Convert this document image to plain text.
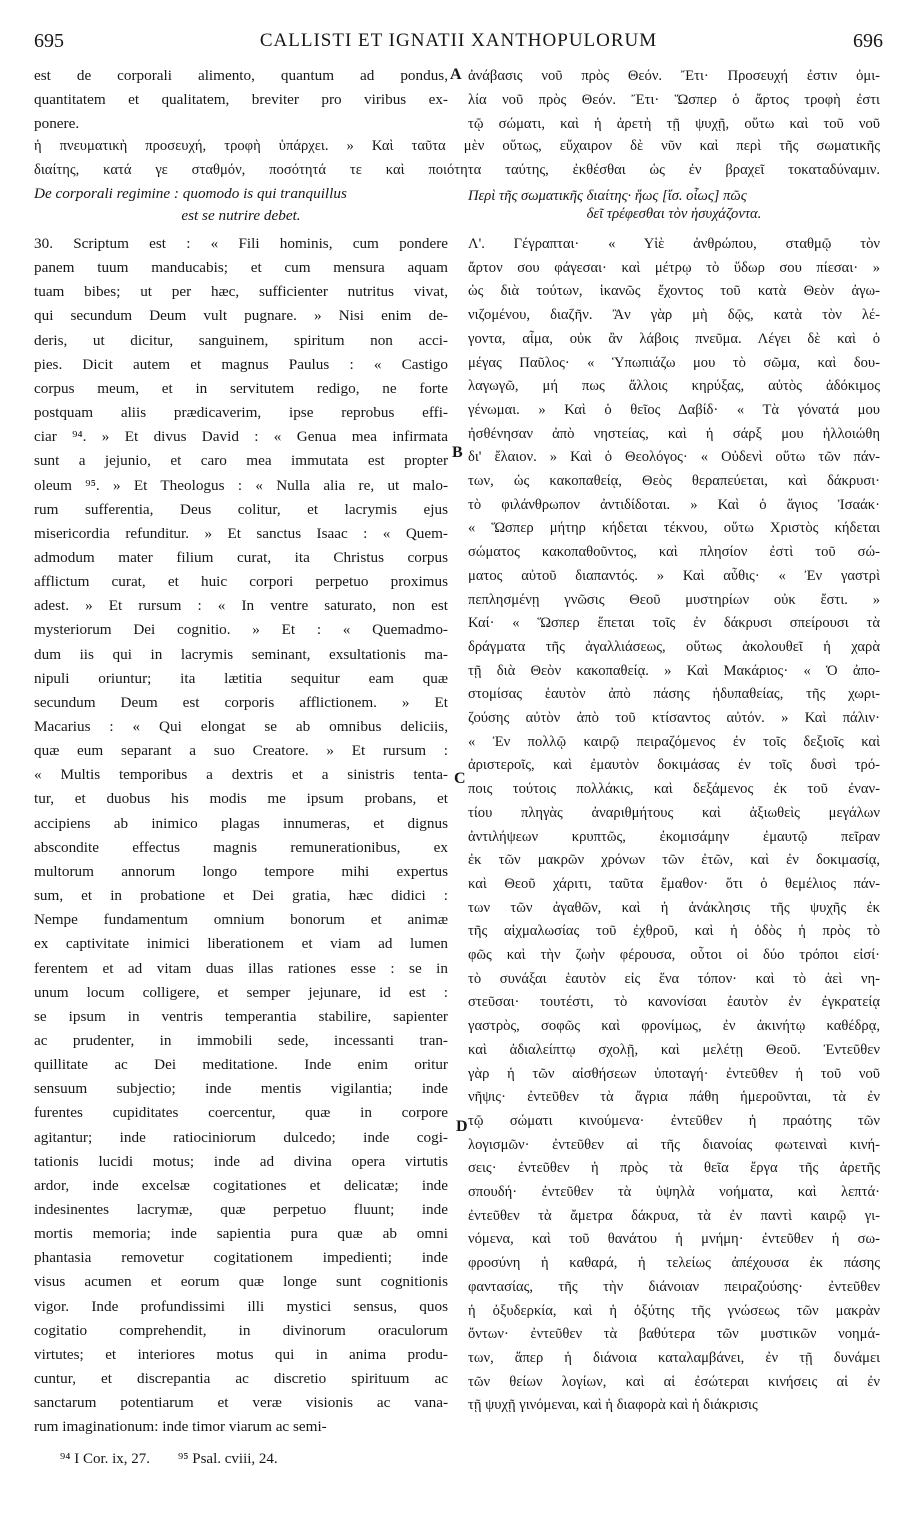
695	CALLISTI ET IGNATII XANTHOPULORUM	696
est de corporali alimento, quantum ad pondus,
quantitatem et qualitatem, breviter pro viribus ex-
ponere.
ἀνάβασις νοῦ πρὸς Θεόν. Ἔτι· Προσευχή ἐστιν ὁμι-
λία νοῦ πρὸς Θεόν. Ἔτι· Ὥσπερ ὁ ἄρτος τροφὴ ἐστι
τῷ σώματι, καὶ ἡ ἀρετὴ τῇ ψυχῇ, οὕτω καὶ τοῦ νοῦ
A
ἡ πνευματικὴ προσευχή, τροφὴ ὑπάρχει. » Καὶ ταῦτα μὲν οὕτως, εὔχαιρον δὲ νῦν καὶ περὶ τῆς σωματικῆς
διαίτης, κατά γε σταθμόν, ποσότητά τε καὶ ποιότητα ταύτης, ἐκθέσθαι ὡς ἐν βραχεῖ τοκαταδύναμιν.
De corporali regimine : quomodo is qui tranquillus
est se nutrire debet.
Περὶ τῆς σωματικῆς διαίτης· ἥως [ἴσ. οἷως] πῶς
δεῖ τρέφεσθαι τὸν ἡσυχάζοντα.
30. Scriptum est : « Fili hominis, cum pondere
panem tuum manducabis; et cum mensura aquam
tuam bibes; ut per hæc, sufficienter nutritus vivat,
qui secundum Deum vult pugnare. » Nisi enim de-
deris, ut dicitur, sanguinem, spiritum non acci-
pies. Dicit autem et magnus Paulus : « Castigo
corpus meum, et in servitutem redigo, ne forte
postquam aliis prædicaverim, ipse reprobus effi-
ciar ⁹⁴. » Et divus David : « Genua mea infirmata
sunt a jejunio, et caro mea immutata est propter
oleum ⁹⁵. » Et Theologus : « Nulla alia re, ut malo-
rum sufferentia, Deus colitur, et lacrymis ejus
misericordia refunditur. » Et sanctus Isaac : « Quem-
admodum mater filium curat, ita Christus corpus
afflictum curat, et huic corpori perpetuo proximus
adest. » Et rursum : « In ventre saturato, non est
mysteriorum Dei cognitio. » Et : « Quemadmo-
dum iis qui in lacrymis seminant, exsultationis ma-
nipuli oriuntur; ita lætitia sequitur eam quæ
secundum Deum est corporis afflictionem. » Et
Macarius : « Qui elongat se ab omnibus deliciis,
quæ eum separant a suo Creatore. » Et rursum :
« Multis temporibus a dextris et a sinistris tenta-
tur, et duobus his modis me ipsum probans, et
accipiens ab inimico plagas innumeras, et dignus
abscondite effectus magnis remunerationibus, ex
multorum annorum longo tempore mihi expertus
sum, et in probatione et Dei gratia, hæc didici :
Nempe fundamentum omnium bonorum et animæ
ex captivitate inimici liberationem et viam ad lumen
ferentem et ad vitam duas illas rationes esse : se in
unum locum colligere, et semper jejunare, id est :
se ipsum in ventris temperantia stabilire, sapienter
ac prudenter, in immobili sede, incessanti tran-
quillitate ac Dei meditatione. Inde enim oritur
sensuum subjectio; inde mentis vigilantia; inde
furentes cupiditates coercentur, quæ in corpore
agitantur; inde ratiociniorum dulcedo; inde cogi-
tationis lucidi motus; inde ad divina opera virtutis
ardor, inde excelsæ cogitationes et delicatæ; inde
indesinentes lacrymæ, quæ perpetuo fluunt; inde
mortis memoria; inde sapientia pura quæ ab omni
phantasia removetur cogitationem impedienti; inde
visus acumen et eorum quæ longe sunt cognitionis
vigor. Inde profundissimi illi mystici sensus, quos
cogitatio comprehendit, in divinorum oraculorum
virtutes; et interiores motus qui in anima produ-
cuntur, et discrepantia ac discretio spirituum ac
sanctarum potentiarum et veræ visionis ac vana-
rum imaginationum: inde timor viarum ac semi-
Λ'. Γέγραπται· « Υἱὲ ἀνθρώπου, σταθμῷ τὸν
ἄρτον σου φάγεσαι· καὶ μέτρῳ τὸ ὕδωρ σου πίεσαι· »
ὡς διὰ τούτων, ἱκανῶς ἔχοντος τοῦ κατὰ Θεὸν ἀγω-
νιζομένου, διαζῆν. Ἂν γὰρ μὴ δῷς, κατὰ τὸν λέ-
γοντα, αἷμα, οὐκ ἂν λάβοις πνεῦμα. Λέγει δὲ καὶ ὁ
μέγας Παῦλος· « Ὑπωπιάζω μου τὸ σῶμα, καὶ δου-
λαγωγῶ, μή πως ἄλλοις κηρύξας, αὐτὸς ἀδόκιμος
γένωμαι. » Καὶ ὁ θεῖος Δαβίδ· « Τὰ γόνατά μου
ἠσθένησαν ἀπὸ νηστείας, καὶ ἡ σάρξ μου ἠλλοιώθη
δι' ἔλαιον. » Καὶ ὁ Θεολόγος· « Οὐδενὶ οὕτω τῶν πάν-
των, ὡς κακοπαθείᾳ, Θεὸς θεραπεύεται, καὶ δάκρυσι·
τὸ φιλάνθρωπον ἀντιδίδοται. » Καὶ ὁ ἅγιος Ἰσαάκ·
« Ὥσπερ μήτηρ κήδεται τέκνου, οὕτω Χριστὸς κήδεται
σώματος κακοπαθοῦντος, καὶ πλησίον ἐστὶ τοῦ σώ-
ματος αὐτοῦ διαπαντός. » Καὶ αὖθις· « Ἐν γαστρὶ
πεπλησμένῃ γνῶσις Θεοῦ μυστηρίων οὐκ ἔστι. »
Καί· « Ὥσπερ ἕπεται τοῖς ἐν δάκρυσι σπείρουσι τὰ
δράγματα τῆς ἀγαλλιάσεως, οὕτως ἀκολουθεῖ ἡ χαρὰ
τῇ διὰ Θεὸν κακοπαθείᾳ. » Καὶ Μακάριος· « Ὁ ἀπο-
στομίσας ἑαυτὸν ἀπὸ πάσης ἡδυπαθείας, τῆς χωρι-
ζούσης αὐτὸν ἀπὸ τοῦ κτίσαντος αὐτόν. » Καὶ πάλιν·
« Ἐν πολλῷ καιρῷ πειραζόμενος ἐν τοῖς δεξιοῖς καὶ
ἀριστεροῖς, καὶ ἐμαυτὸν δοκιμάσας ἐν τοῖς δυσὶ τρό-
ποις τούτοις πολλάκις, καὶ δεξάμενος ἐκ τοῦ ἐναν-
τίου πληγὰς ἀναριθμήτους καὶ ἀξιωθεὶς μεγάλων
ἀντιλήψεων κρυπτῶς, ἐκομισάμην ἐμαυτῷ πεῖραν
ἐκ τῶν μακρῶν χρόνων τῶν ἐτῶν, καὶ ἐν δοκιμασίᾳ,
καὶ Θεοῦ χάριτι, ταῦτα ἔμαθον· ὅτι ὁ θεμέλιος πάν-
των τῶν ἀγαθῶν, καὶ ἡ ἀνάκλησις τῆς ψυχῆς ἐκ
τῆς αἰχμαλωσίας τοῦ ἐχθροῦ, καὶ ἡ ὁδὸς ἡ πρὸς τὸ
φῶς καὶ τὴν ζωὴν φέρουσα, οὗτοι οἱ δύο τρόποι εἰσί·
τὸ συνάξαι ἑαυτὸν εἰς ἕνα τόπον· καὶ τὸ ἀεὶ νη-
στεῦσαι· τουτέστι, τὸ κανονίσαι ἑαυτὸν ἐν ἐγκρατείᾳ
γαστρὸς, σοφῶς καὶ φρονίμως, ἐν ἀκινήτῳ καθέδρᾳ,
καὶ ἀδιαλείπτῳ σχολῇ, καὶ μελέτῃ Θεοῦ. Ἐντεῦθεν
γὰρ ἡ τῶν αἰσθήσεων ὑποταγή· ἐντεῦθεν ἡ τοῦ νοῦ
νῆψις· ἐντεῦθεν τὰ ἄγρια πάθη ἡμεροῦνται, τὰ ἐν
τῷ σώματι κινούμενα· ἐντεῦθεν ἡ πραότης τῶν
λογισμῶν· ἐντεῦθεν αἱ τῆς διανοίας φωτειναὶ κινή-
σεις· ἐντεῦθεν ἡ πρὸς τὰ θεῖα ἔργα τῆς ἀρετῆς
σπουδή· ἐντεῦθεν τὰ ὑψηλὰ νοήματα, καὶ λεπτά·
ἐντεῦθεν τὰ ἄμετρα δάκρυα, τὰ ἐν παντὶ καιρῷ γι-
νόμενα, καὶ τοῦ θανάτου ἡ μνήμη· ἐντεῦθεν ἡ σω-
φροσύνη ἡ καθαρά, ἡ τελείως ἀπέχουσα ἐκ πάσης
φαντασίας, τῆς τὴν διάνοιαν πειραζούσης· ἐντεῦθεν
ἡ ὀξυδερκία, καὶ ἡ ὀξύτης τῆς γνώσεως τῶν μακρὰν
ὄντων· ἐντεῦθεν τὰ βαθύτερα τῶν μυστικῶν νοημά-
των, ἅπερ ἡ διάνοια καταλαμβάνει, ἐν τῇ δυνάμει
τῶν θείων λογίων, καὶ αἱ ἐσώτεραι κινήσεις αἱ ἐν
τῇ ψυχῇ γινόμεναι, καὶ ἡ διαφορὰ καὶ ἡ διάκρισις
B
C
D
⁹⁴ I Cor. ix, 27. ⁹⁵ Psal. cviii, 24.
